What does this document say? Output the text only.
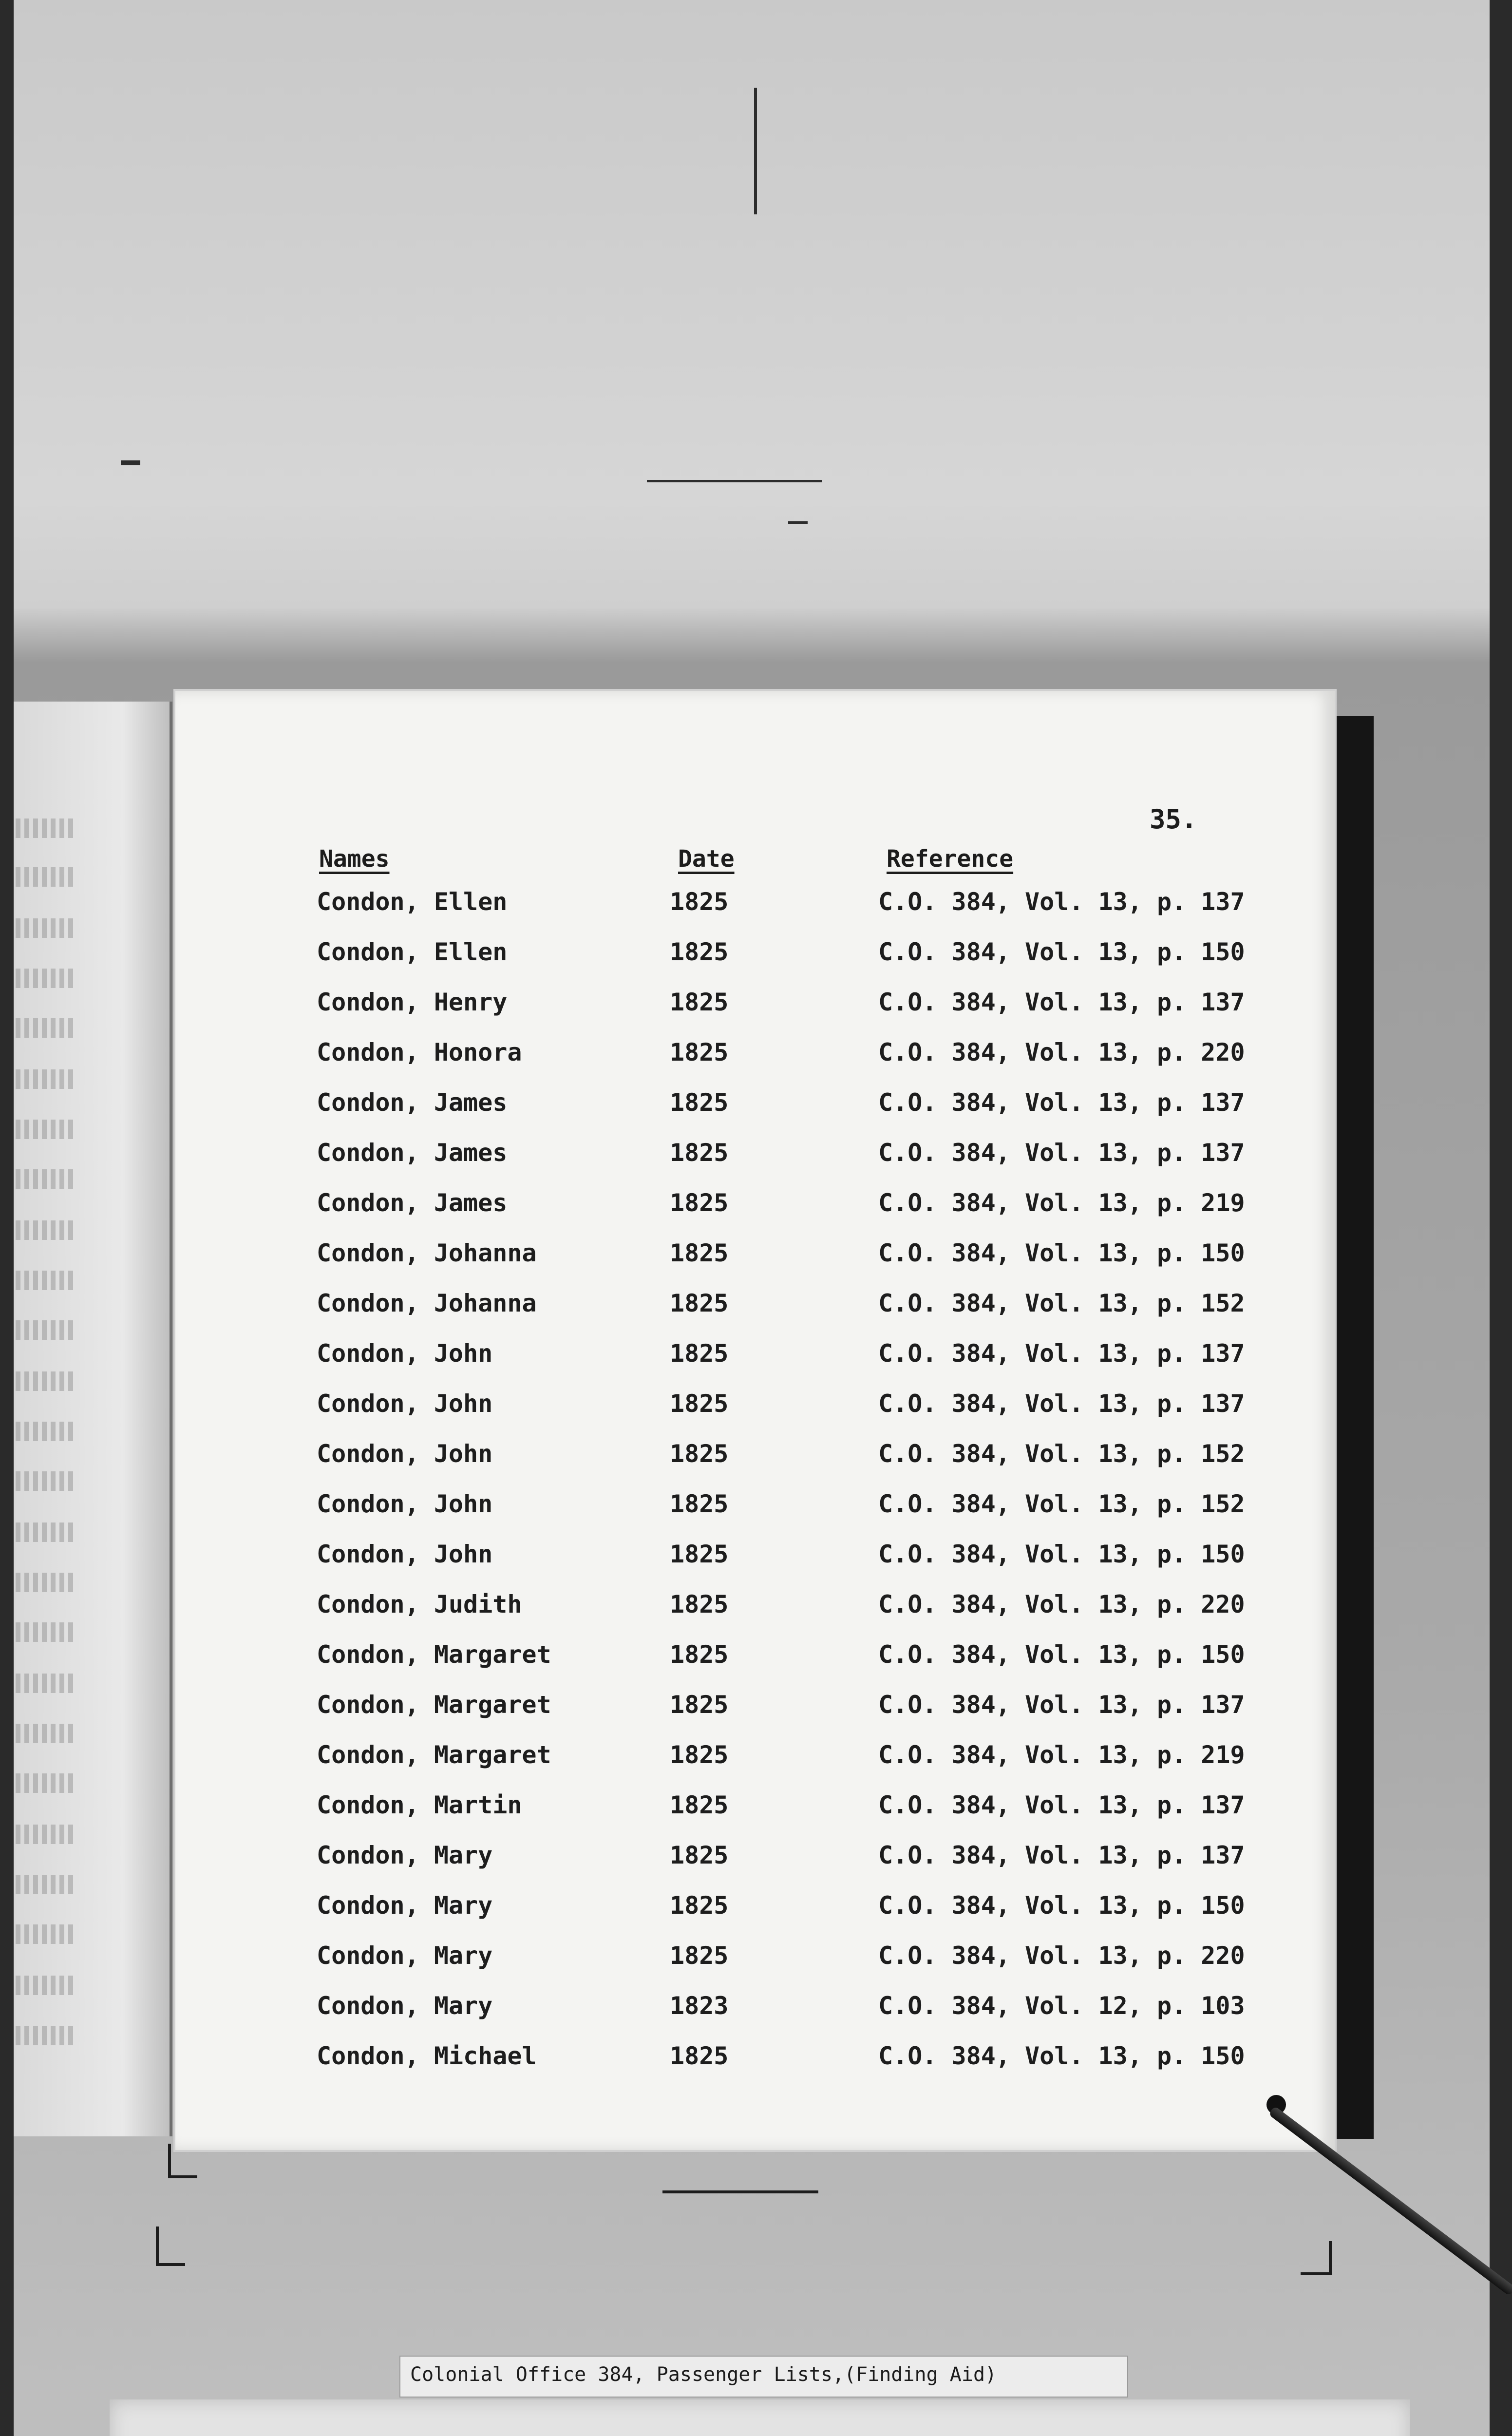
35.
Names	Date	Reference
Condon, Ellen	1825	C.O. 384, Vol. 13, p. 137
Condon, Ellen	1825	C.O. 384, Vol. 13, p. 150
Condon, Henry	1825	C.O. 384, Vol. 13, p. 137
Condon, Honora	1825	C.O. 384, Vol. 13, p. 220
Condon, James	1825	C.O. 384, Vol. 13, p. 137
Condon, James	1825	C.O. 384, Vol. 13, p. 137
Condon, James	1825	C.O. 384, Vol. 13, p. 219
Condon, Johanna	1825	C.O. 384, Vol. 13, p. 150
Condon, Johanna	1825	C.O. 384, Vol. 13, p. 152
Condon, John	1825	C.O. 384, Vol. 13, p. 137
Condon, John	1825	C.O. 384, Vol. 13, p. 137
Condon, John	1825	C.O. 384, Vol. 13, p. 152
Condon, John	1825	C.O. 384, Vol. 13, p. 152
Condon, John	1825	C.O. 384, Vol. 13, p. 150
Condon, Judith	1825	C.O. 384, Vol. 13, p. 220
Condon, Margaret	1825	C.O. 384, Vol. 13, p. 150
Condon, Margaret	1825	C.O. 384, Vol. 13, p. 137
Condon, Margaret	1825	C.O. 384, Vol. 13, p. 219
Condon, Martin	1825	C.O. 384, Vol. 13, p. 137
Condon, Mary	1825	C.O. 384, Vol. 13, p. 137
Condon, Mary	1825	C.O. 384, Vol. 13, p. 150
Condon, Mary	1825	C.O. 384, Vol. 13, p. 220
Condon, Mary	1823	C.O. 384, Vol. 12, p. 103
Condon, Michael	1825	C.O. 384, Vol. 13, p. 150
Colonial Office 384, Passenger Lists,(Finding Aid)
